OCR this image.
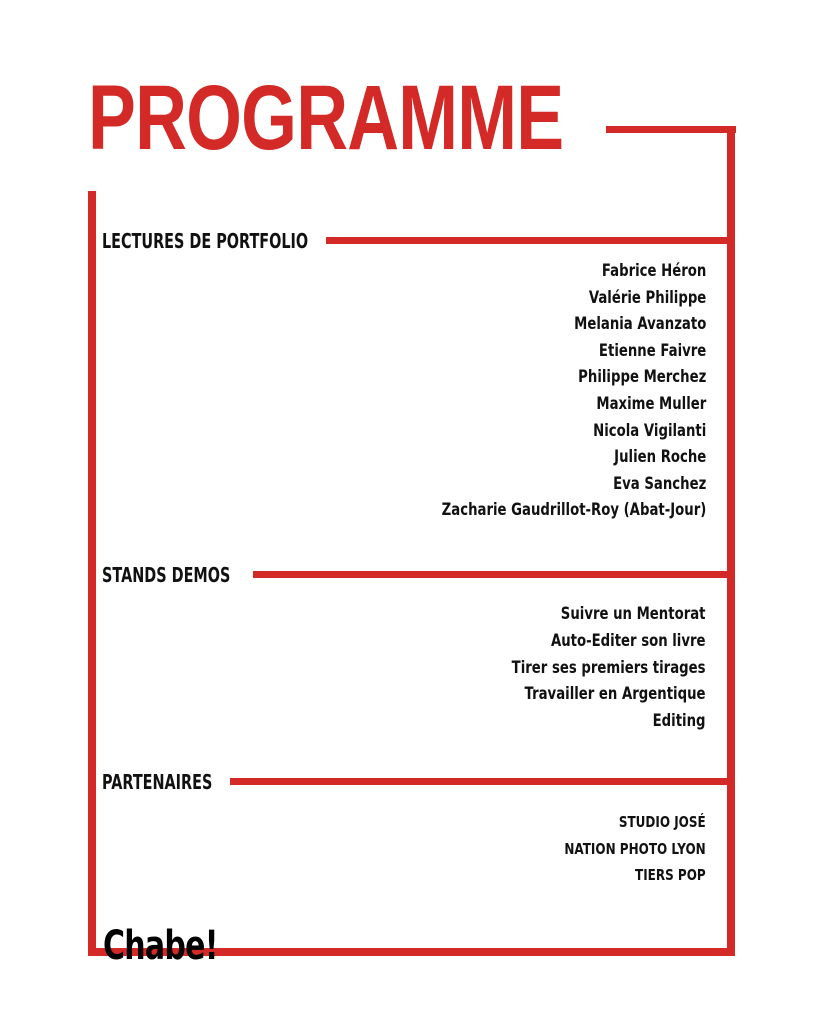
PROGRAMME
LECTURES DE PORTFOLIO
Fabrice Héron
Valérie Philippe
Melania Avanzato
Etienne Faivre
Philippe Merchez
Maxime Muller
Nicola Vigilanti
Julien Roche
Eva Sanchez
Zacharie Gaudrillot-Roy (Abat-Jour)
STANDS DEMOS
Suivre un Mentorat
Auto-Editer son livre
Tirer ses premiers tirages
Travailler en Argentique
Editing
PARTENAIRES
STUDIO JOSÉ
NATION PHOTO LYON
TIERS POP
Chabe!
